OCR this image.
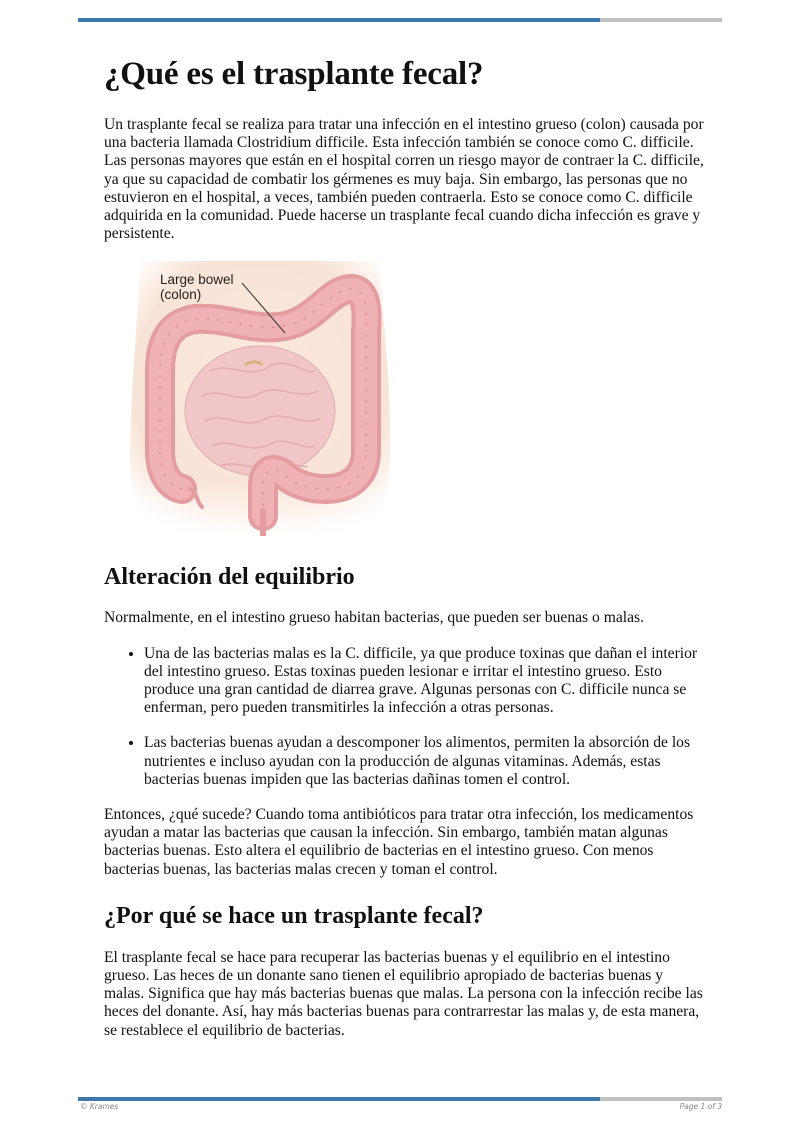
¿Qué es el trasplante fecal?

Un trasplante fecal se realiza para tratar una infección en el intestino grueso (colon) causada por una bacteria llamada Clostridium difficile. Esta infección también se conoce como C. difficile. Las personas mayores que están en el hospital corren un riesgo mayor de contraer la C. difficile, ya que su capacidad de combatir los gérmenes es muy baja. Sin embargo, las personas que no estuvieron en el hospital, a veces, también pueden contraerla. Esto se conoce como C. difficile adquirida en la comunidad. Puede hacerse un trasplante fecal cuando dicha infección es grave y persistente.

Large bowel
(colon)
Alteración del equilibrio

Normalmente, en el intestino grueso habitan bacterias, que pueden ser buenas o malas.

• Una de las bacterias malas es la C. difficile, ya que produce toxinas que dañan el interior del intestino grueso. Estas toxinas pueden lesionar e irritar el intestino grueso. Esto produce una gran cantidad de diarrea grave. Algunas personas con C. difficile nunca se enferman, pero pueden transmitirles la infección a otras personas.
• Las bacterias buenas ayudan a descomponer los alimentos, permiten la absorción de los nutrientes e incluso ayudan con la producción de algunas vitaminas. Además, estas bacterias buenas impiden que las bacterias dañinas tomen el control.

Entonces, ¿qué sucede? Cuando toma antibióticos para tratar otra infección, los medicamentos ayudan a matar las bacterias que causan la infección. Sin embargo, también matan algunas bacterias buenas. Esto altera el equilibrio de bacterias en el intestino grueso. Con menos bacterias buenas, las bacterias malas crecen y toman el control.

¿Por qué se hace un trasplante fecal?

El trasplante fecal se hace para recuperar las bacterias buenas y el equilibrio en el intestino grueso. Las heces de un donante sano tienen el equilibrio apropiado de bacterias buenas y malas. Significa que hay más bacterias buenas que malas. La persona con la infección recibe las heces del donante. Así, hay más bacterias buenas para contrarrestar las malas y, de esta manera, se restablece el equilibrio de bacterias.

© Krames	Page 1 of 3
